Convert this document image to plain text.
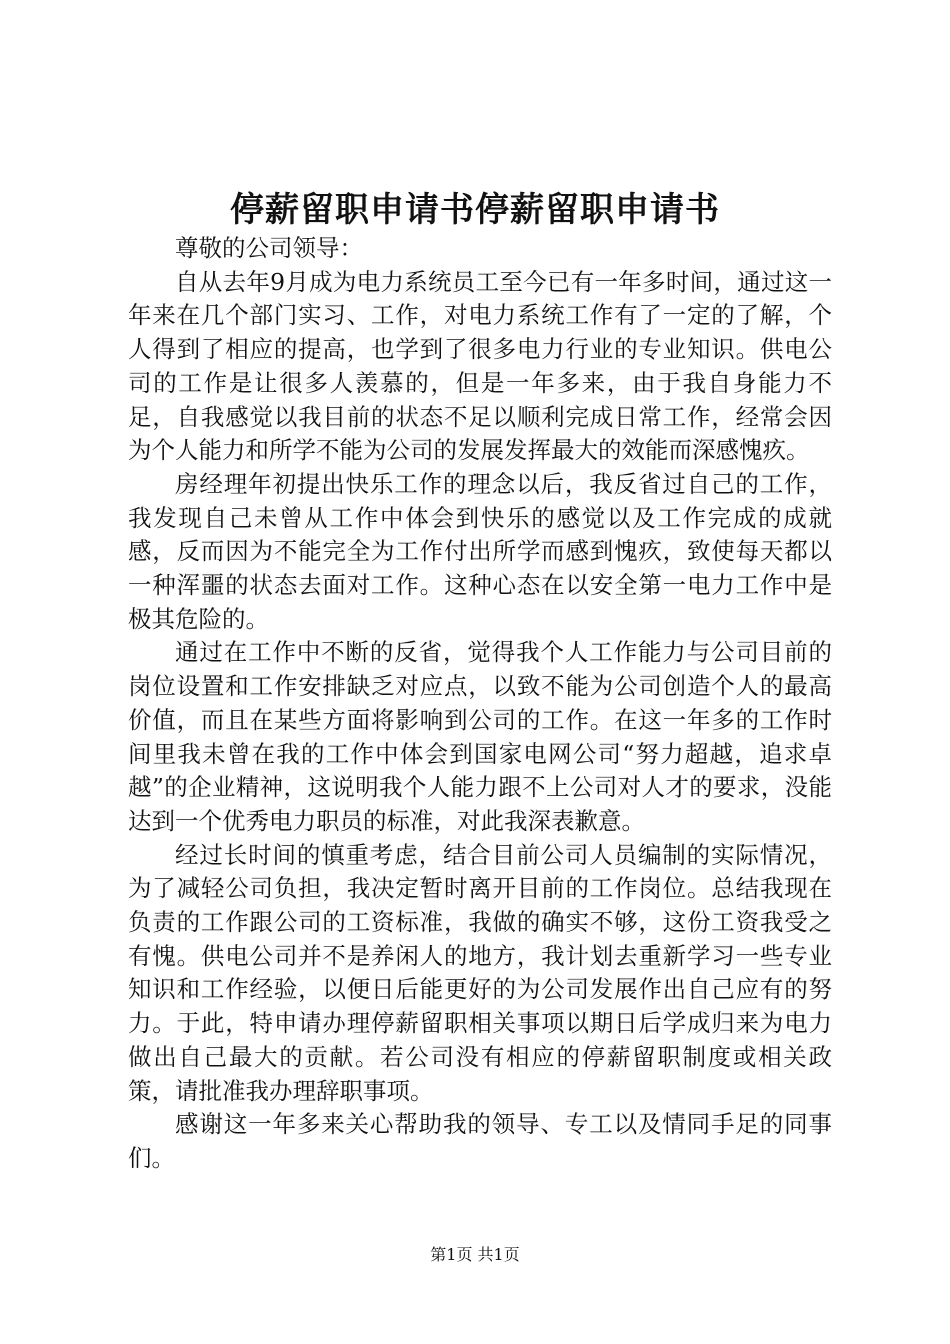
停薪留职申请书停薪留职申请书

尊敬的公司领导：

自从去年9月成为电力系统员工至今已有一年多时间，通过这一年来在几个部门实习、工作，对电力系统工作有了一定的了解，个人得到了相应的提高，也学到了很多电力行业的专业知识。供电公司的工作是让很多人羡慕的，但是一年多来，由于我自身能力不足，自我感觉以我目前的状态不足以顺利完成日常工作，经常会因为个人能力和所学不能为公司的发展发挥最大的效能而深感愧疚。

房经理年初提出快乐工作的理念以后，我反省过自己的工作，我发现自己未曾从工作中体会到快乐的感觉以及工作完成的成就感，反而因为不能完全为工作付出所学而感到愧疚，致使每天都以一种浑噩的状态去面对工作。这种心态在以安全第一电力工作中是极其危险的。

通过在工作中不断的反省，觉得我个人工作能力与公司目前的岗位设置和工作安排缺乏对应点，以致不能为公司创造个人的最高价值，而且在某些方面将影响到公司的工作。在这一年多的工作时间里我未曾在我的工作中体会到国家电网公司“努力超越，追求卓越”的企业精神，这说明我个人能力跟不上公司对人才的要求，没能达到一个优秀电力职员的标准，对此我深表歉意。

经过长时间的慎重考虑，结合目前公司人员编制的实际情况，为了减轻公司负担，我决定暂时离开目前的工作岗位。总结我现在负责的工作跟公司的工资标准，我做的确实不够，这份工资我受之有愧。供电公司并不是养闲人的地方，我计划去重新学习一些专业知识和工作经验，以便日后能更好的为公司发展作出自己应有的努力。于此，特申请办理停薪留职相关事项以期日后学成归来为电力做出自己最大的贡献。若公司没有相应的停薪留职制度或相关政策，请批准我办理辞职事项。

感谢这一年多来关心帮助我的领导、专工以及情同手足的同事们。

第1页 共1页
